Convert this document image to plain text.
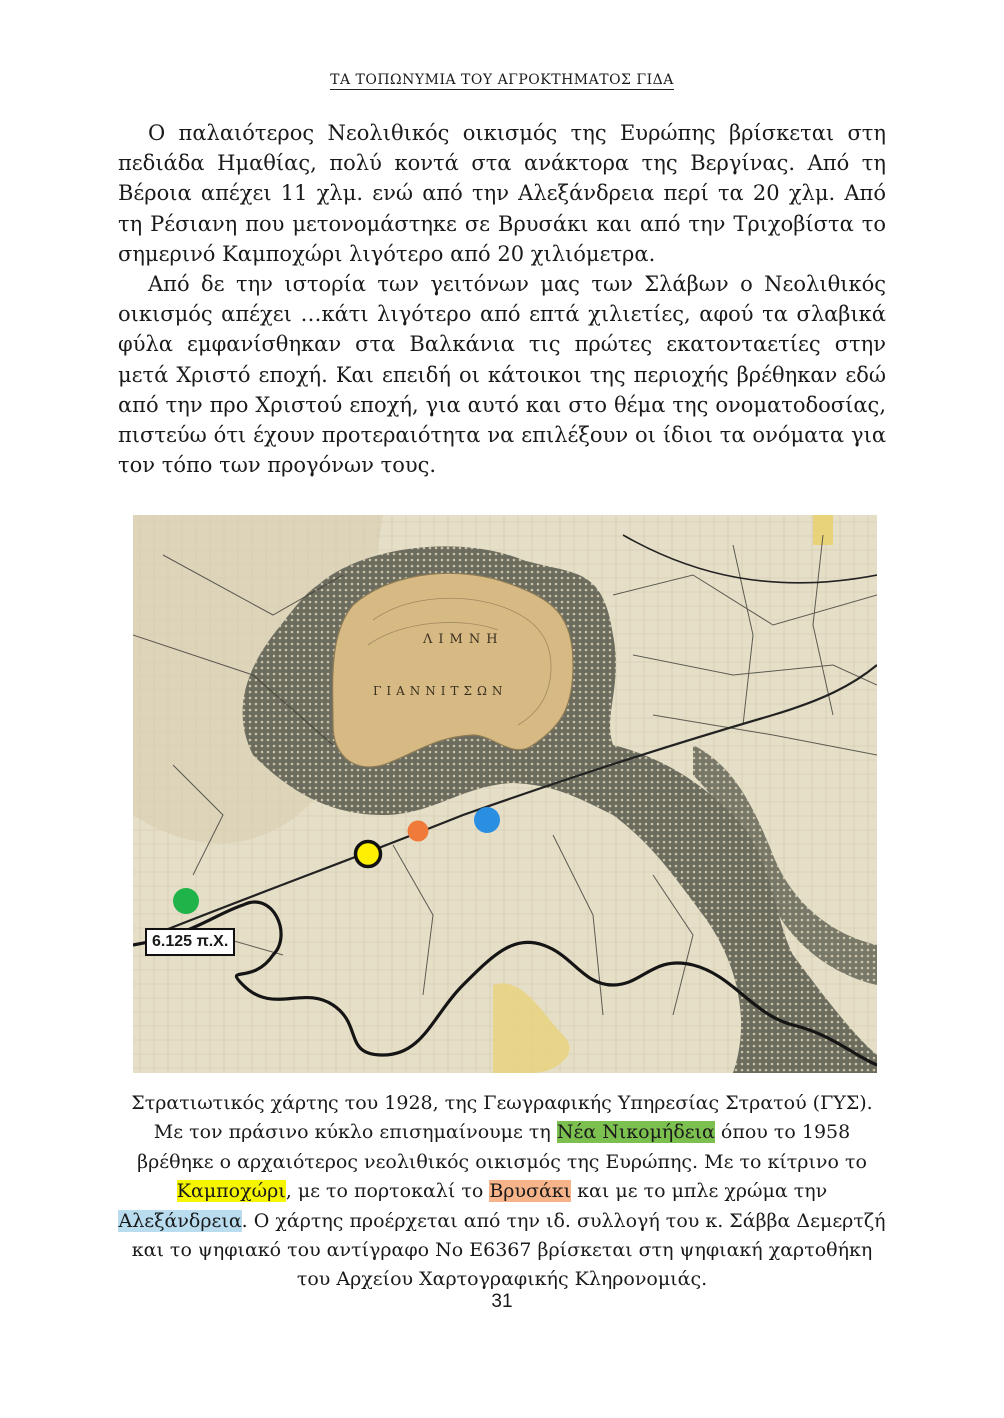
ΤΑ ΤΟΠΩΝΥΜΙΑ ΤΟΥ ΑΓΡΟΚΤΗΜΑΤΟΣ ΓΙΔΑ

Ο παλαιότερος Νεολιθικός οικισμός της Ευρώπης βρίσκεται στη πεδιάδα Ημαθίας, πολύ κοντά στα ανάκτορα της Βεργίνας. Από τη Βέροια απέχει 11 χλμ. ενώ από την Αλεξάνδρεια περί τα 20 χλμ. Από τη Ρέσιανη που μετονομάστηκε σε Βρυσάκι και από την Τριχοβίστα το σημερινό Καμποχώρι λιγότερο από 20 χιλιόμετρα.

Από δε την ιστορία των γειτόνων μας των Σλάβων ο Νεολιθικός οικισμός απέχει …κάτι λιγότερο από επτά χιλιετίες, αφού τα σλαβικά φύλα εμφανίσθηκαν στα Βαλκάνια τις πρώτες εκατονταετίες στην μετά Χριστό εποχή. Και επειδή οι κάτοικοι της περιοχής βρέθηκαν εδώ από την προ Χριστού εποχή, για αυτό και στο θέμα της ονοματοδοσίας, πιστεύω ότι έχουν προτεραιότητα να επιλέξουν οι ίδιοι τα ονόματα για τον τόπο των προγόνων τους.

ΛΙΜΝΗ
ΓΙΑΝΝΙΤΣΩΝ
6.125 π.Χ.
Στρατιωτικός χάρτης του 1928, της Γεωγραφικής Υπηρεσίας Στρατού (ΓΥΣ). Με τον πράσινο κύκλο επισημαίνουμε τη Νέα Νικομήδεια όπου το 1958 βρέθηκε ο αρχαιότερος νεολιθικός οικισμός της Ευρώπης. Με το κίτρινο το Καμποχώρι, με το πορτοκαλί το Βρυσάκι και με το μπλε χρώμα την Αλεξάνδρεια. Ο χάρτης προέρχεται από την ιδ. συλλογή του κ. Σάββα Δεμερτζή και το ψηφιακό του αντίγραφο No E6367 βρίσκεται στη ψηφιακή χαρτοθήκη του Αρχείου Χαρτογραφικής Κληρονομιάς.
31
